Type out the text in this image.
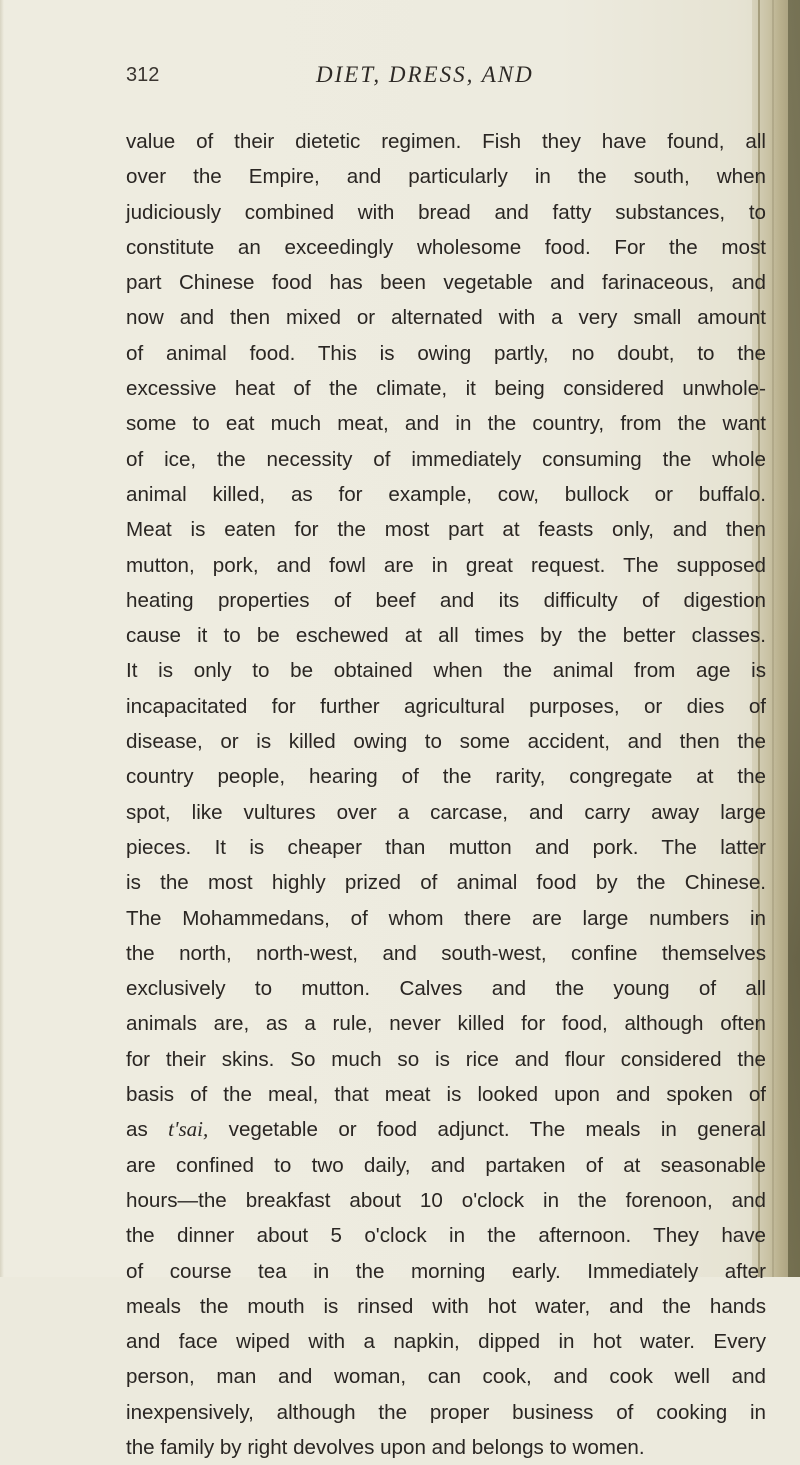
312	DIET, DRESS, AND
value of their dietetic regimen. Fish they have found, all
over the Empire, and particularly in the south, when
judiciously combined with bread and fatty substances, to
constitute an exceedingly wholesome food. For the most
part Chinese food has been vegetable and farinaceous, and
now and then mixed or alternated with a very small amount
of animal food. This is owing partly, no doubt, to the
excessive heat of the climate, it being considered unwhole-
some to eat much meat, and in the country, from the want
of ice, the necessity of immediately consuming the whole
animal killed, as for example, cow, bullock or buffalo.
Meat is eaten for the most part at feasts only, and then
mutton, pork, and fowl are in great request. The supposed
heating properties of beef and its difficulty of digestion
cause it to be eschewed at all times by the better classes.
It is only to be obtained when the animal from age is
incapacitated for further agricultural purposes, or dies of
disease, or is killed owing to some accident, and then the
country people, hearing of the rarity, congregate at the
spot, like vultures over a carcase, and carry away large
pieces. It is cheaper than mutton and pork. The latter
is the most highly prized of animal food by the Chinese.
The Mohammedans, of whom there are large numbers in
the north, north-west, and south-west, confine themselves
exclusively to mutton. Calves and the young of all
animals are, as a rule, never killed for food, although often
for their skins. So much so is rice and flour considered the
basis of the meal, that meat is looked upon and spoken of
as t'sai, vegetable or food adjunct. The meals in general
are confined to two daily, and partaken of at seasonable
hours—the breakfast about 10 o'clock in the forenoon, and
the dinner about 5 o'clock in the afternoon. They have
of course tea in the morning early. Immediately after
meals the mouth is rinsed with hot water, and the hands
and face wiped with a napkin, dipped in hot water. Every
person, man and woman, can cook, and cook well and
inexpensively, although the proper business of cooking in
the family by right devolves upon and belongs to women.
